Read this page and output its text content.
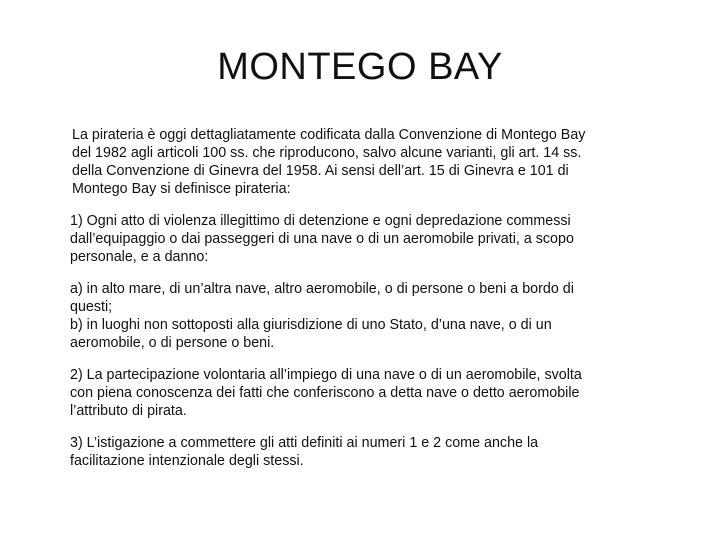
MONTEGO BAY

La pirateria è oggi dettagliatamente codificata dalla Convenzione di Montego Bay
del 1982 agli articoli 100 ss. che riproducono, salvo alcune varianti, gli art. 14 ss.
della Convenzione di Ginevra del 1958. Ai sensi dell’art. 15 di Ginevra e 101 di
Montego Bay si definisce pirateria:

1) Ogni atto di violenza illegittimo di detenzione e ogni depredazione commessi
dall’equipaggio o dai passeggeri di una nave o di un aeromobile privati, a scopo
personale, e a danno:

a) in alto mare, di un’altra nave, altro aeromobile, o di persone o beni a bordo di
questi;
b) in luoghi non sottoposti alla giurisdizione di uno Stato, d’una nave, o di un
aeromobile, o di persone o beni.

2) La partecipazione volontaria all’impiego di una nave o di un aeromobile, svolta
con piena conoscenza dei fatti che conferiscono a detta nave o detto aeromobile
l’attributo di pirata.

3) L’istigazione a commettere gli atti definiti ai numeri 1 e 2 come anche la
facilitazione intenzionale degli stessi.
